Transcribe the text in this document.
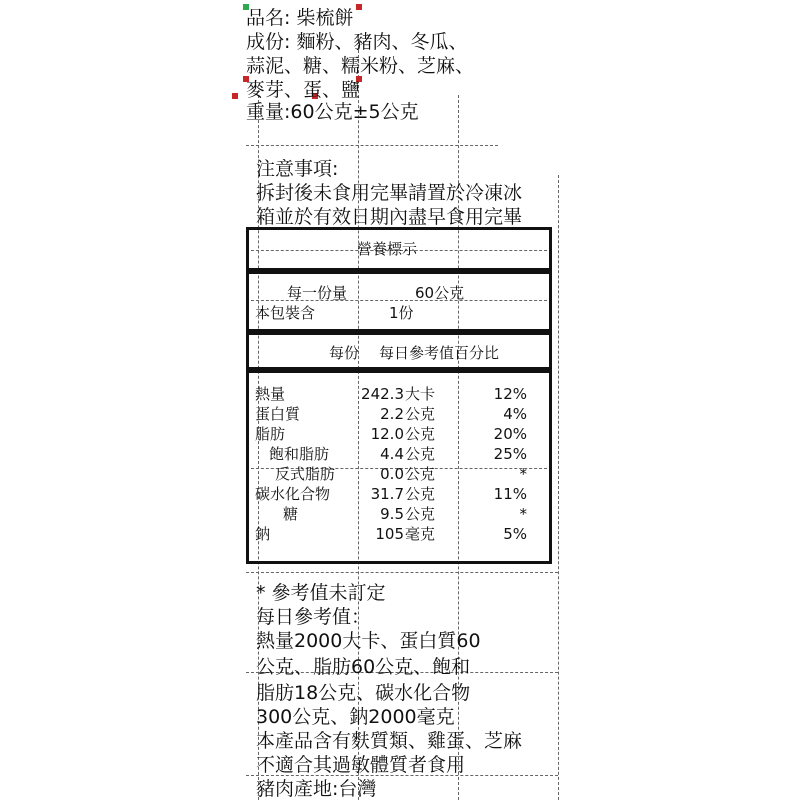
品名: 柴梳餅
成份: 麵粉、豬肉、冬瓜、
蒜泥、糖、糯米粉、芝麻、
麥芽、蛋、鹽
重量:60公克±5公克
注意事項:
拆封後未食用完畢請置於冷凍冰
箱並於有效日期內盡早食用完畢
營養標示
每一份量	60公克
本包裝含	1份
每份 每日參考值百分比
熱量	242.3 大卡	12%
蛋白質	2.2 公克	4%
脂肪	12.0 公克	20%
飽和脂肪	4.4 公克	25%
反式脂肪	0.0 公克	*
碳水化合物	31.7 公克	11%
糖	9.5 公克	*
鈉	105 毫克	5%
* 參考值未訂定
每日參考值：
熱量2000大卡、蛋白質60
公克、脂肪60公克、飽和
脂肪18公克、碳水化合物
300公克、鈉2000毫克
本產品含有麩質類、雞蛋、芝麻
不適合其過敏體質者食用
豬肉產地:台灣
